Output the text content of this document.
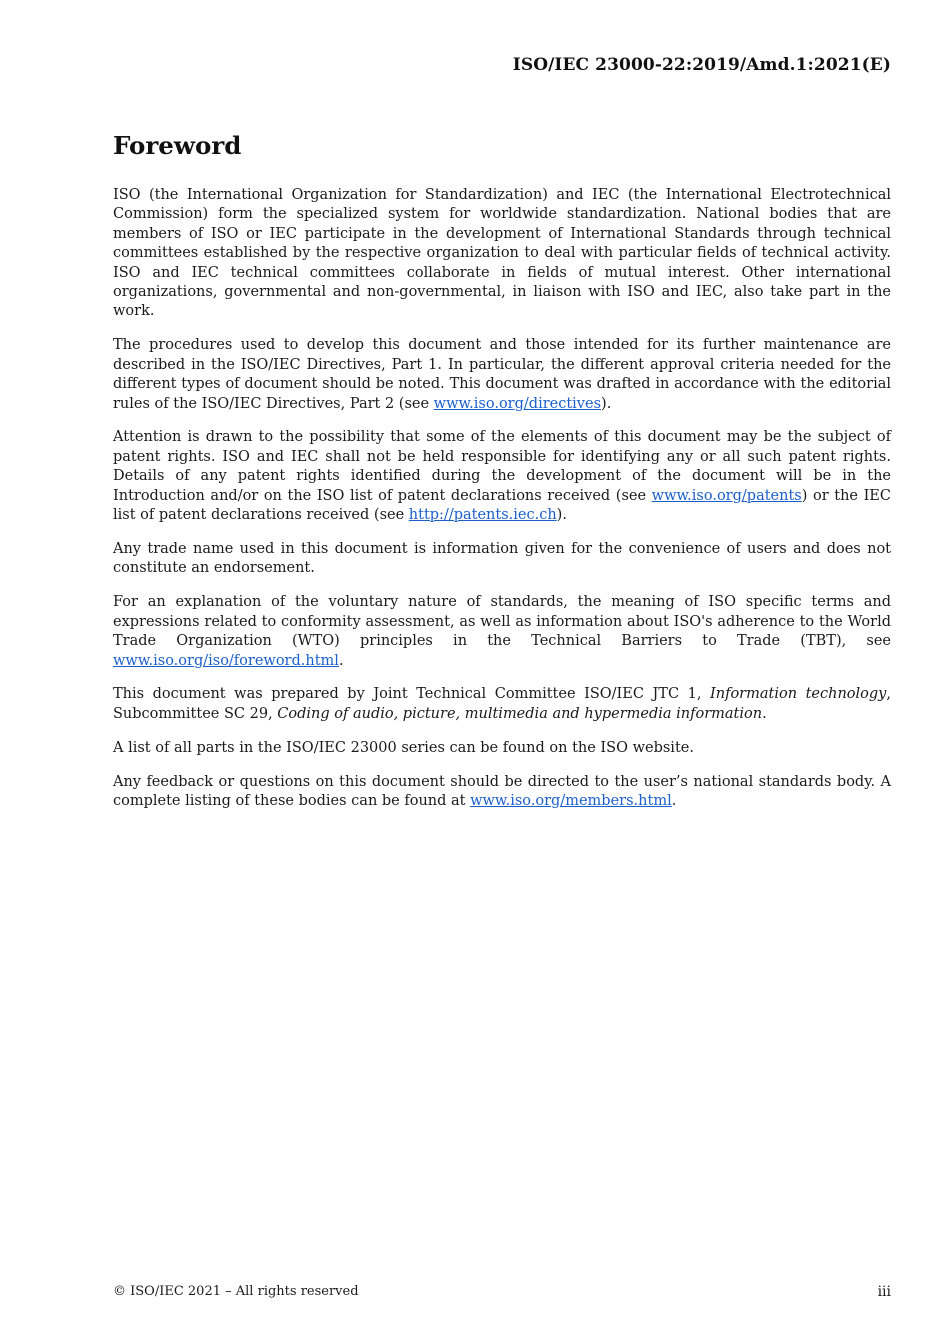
ISO/IEC 23000-22:2019/Amd.1:2021(E)
Foreword

ISO (the International Organization for Standardization) and IEC (the International Electrotechnical Commission) form the specialized system for worldwide standardization. National bodies that are members of ISO or IEC participate in the development of International Standards through technical committees established by the respective organization to deal with particular fields of technical activity. ISO and IEC technical committees collaborate in fields of mutual interest. Other international organizations, governmental and non-governmental, in liaison with ISO and IEC, also take part in the work.

The procedures used to develop this document and those intended for its further maintenance are described in the ISO/IEC Directives, Part 1. In particular, the different approval criteria needed for the different types of document should be noted. This document was drafted in accordance with the editorial rules of the ISO/IEC Directives, Part 2 (see www.iso.org/directives).

Attention is drawn to the possibility that some of the elements of this document may be the subject of patent rights. ISO and IEC shall not be held responsible for identifying any or all such patent rights. Details of any patent rights identified during the development of the document will be in the Introduction and/or on the ISO list of patent declarations received (see www.iso.org/patents) or the IEC list of patent declarations received (see http://patents.iec.ch).

Any trade name used in this document is information given for the convenience of users and does not constitute an endorsement.

For an explanation of the voluntary nature of standards, the meaning of ISO specific terms and expressions related to conformity assessment, as well as information about ISO's adherence to the World Trade Organization (WTO) principles in the Technical Barriers to Trade (TBT), see www.iso.org/iso/foreword.html.

This document was prepared by Joint Technical Committee ISO/IEC JTC 1, Information technology, Subcommittee SC 29, Coding of audio, picture, multimedia and hypermedia information.

A list of all parts in the ISO/IEC 23000 series can be found on the ISO website.

Any feedback or questions on this document should be directed to the user’s national standards body. A complete listing of these bodies can be found at www.iso.org/members.html.

© ISO/IEC 2021 – All rights reserved	iii
